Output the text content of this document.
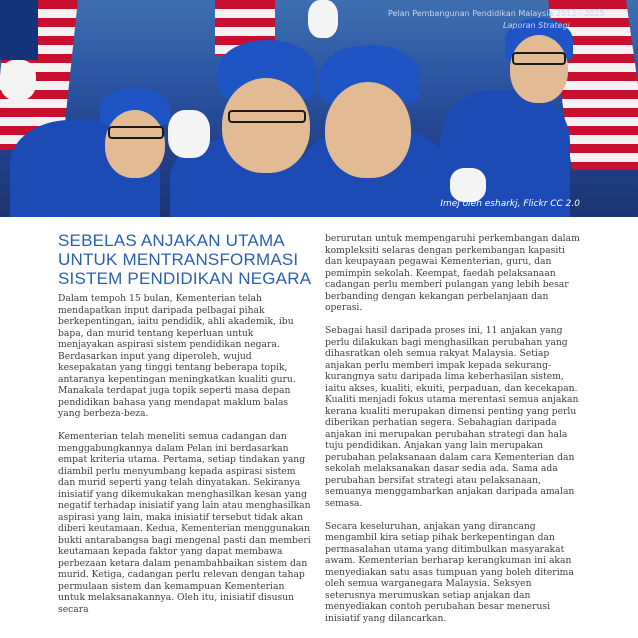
Pelan Pembangunan Pendidikan Malaysia 2013 - 2025
Laporan Strategi
Imej oleh esharkj, Flickr CC 2.0
SEBELAS ANJAKAN UTAMA
UNTUK MENTRANSFORMASI
SISTEM PENDIDIKAN NEGARA

Dalam tempoh 15 bulan, Kementerian telah mendapatkan input daripada pelbagai pihak berkepentingan, iaitu pendidik, ahli akademik, ibu bapa, dan murid tentang keperluan untuk menjayakan aspirasi sistem pendidikan negara. Berdasarkan input yang diperoleh, wujud kesepakatan yang tinggi tentang beberapa topik, antaranya kepentingan meningkatkan kualiti guru. Manakala terdapat juga topik seperti masa depan pendidikan bahasa yang mendapat maklum balas yang berbeza-beza.

Kementerian telah meneliti semua cadangan dan menggabungkannya dalam Pelan ini berdasarkan empat kriteria utama. Pertama, setiap tindakan yang diambil perlu menyumbang kepada aspirasi sistem dan murid seperti yang telah dinyatakan. Sekiranya inisiatif yang dikemukakan menghasilkan kesan yang negatif terhadap inisiatif yang lain atau menghasilkan aspirasi yang lain, maka inisiatif tersebut tidak akan diberi keutamaan. Kedua, Kementerian menggunakan bukti antarabangsa bagi mengenal pasti dan memberi keutamaan kepada faktor yang dapat membawa perbezaan ketara dalam penambahbaikan sistem dan murid. Ketiga, cadangan perlu relevan dengan tahap permulaan sistem dan kemampuan Kementerian untuk melaksanakannya. Oleh itu, inisiatif disusun secara

berurutan untuk mempengaruhi perkembangan dalam kompleksiti selaras dengan perkembangan kapasiti dan keupayaan pegawai Kementerian, guru, dan pemimpin sekolah. Keempat, faedah pelaksanaan cadangan perlu memberi pulangan yang lebih besar berbanding dengan kekangan perbelanjaan dan operasi.

Sebagai hasil daripada proses ini, 11 anjakan yang perlu dilakukan bagi menghasilkan perubahan yang dihasratkan oleh semua rakyat Malaysia. Setiap anjakan perlu memberi impak kepada sekurang-kurangnya satu daripada lima keberhasilan sistem, iaitu akses, kualiti, ekuiti, perpaduan, dan kecekapan. Kualiti menjadi fokus utama merentasi semua anjakan kerana kualiti merupakan dimensi penting yang perlu diberikan perhatian segera. Sebahagian daripada anjakan ini merupakan perubahan strategi dan hala tuju pendidikan. Anjakan yang lain merupakan perubahan pelaksanaan dalam cara Kementerian dan sekolah melaksanakan dasar sedia ada. Sama ada perubahan bersifat strategi atau pelaksanaan, semuanya menggambarkan anjakan daripada amalan semasa.

Secara keseluruhan, anjakan yang dirancang mengambil kira setiap pihak berkepentingan dan permasalahan utama yang ditimbulkan masyarakat awam. Kementerian berharap kerangkuman ini akan menyediakan satu asas tumpuan yang boleh diterima oleh semua warganegara Malaysia. Seksyen seterusnya merumuskan setiap anjakan dan menyediakan contoh perubahan besar menerusi inisiatif yang dilancarkan.
